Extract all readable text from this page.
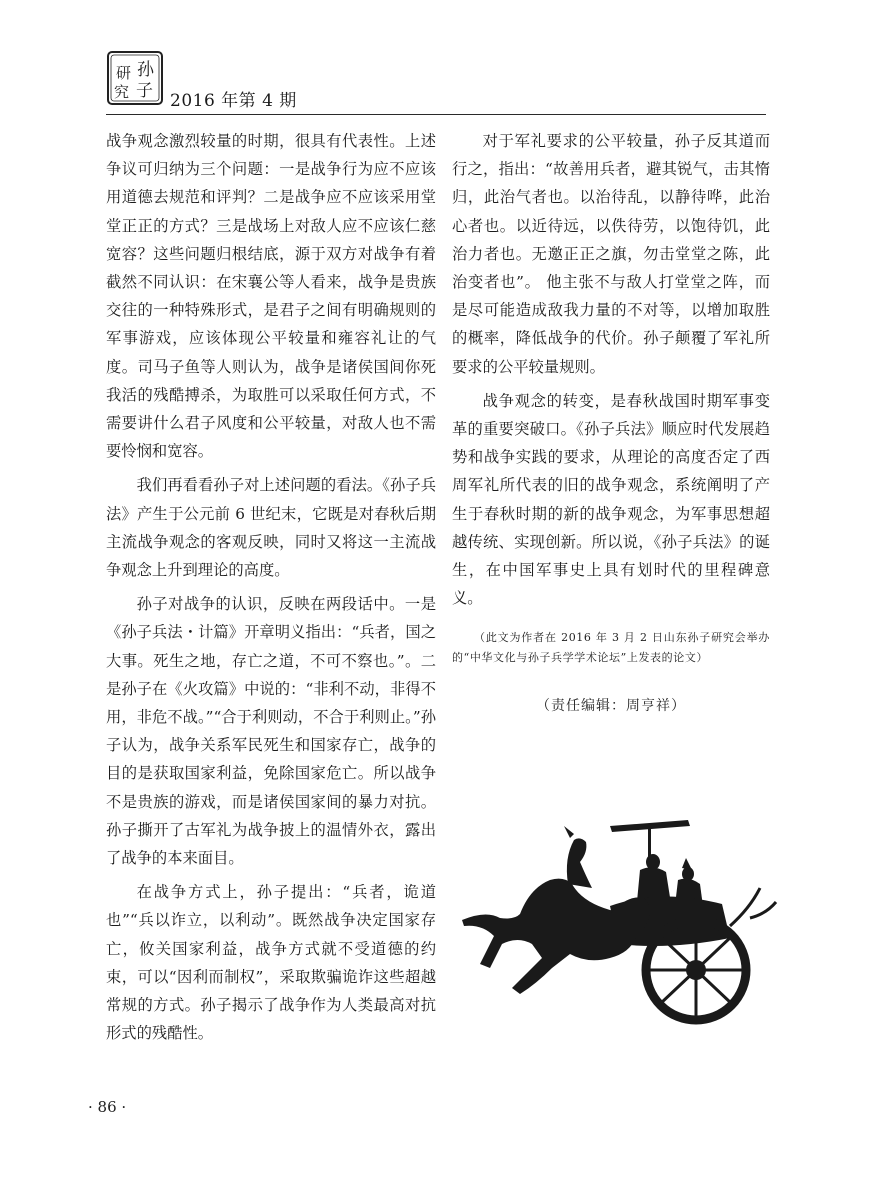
孙
研
究 子 2016 年第 4 期

战争观念激烈较量的时期，很具有代表性。上述争议可归纳为三个问题：一是战争行为应不应该用道德去规范和评判？二是战争应不应该采用堂堂正正的方式？三是战场上对敌人应不应该仁慈宽容？这些问题归根结底，源于双方对战争有着截然不同认识：在宋襄公等人看来，战争是贵族交往的一种特殊形式，是君子之间有明确规则的军事游戏，应该体现公平较量和雍容礼让的气度。司马子鱼等人则认为，战争是诸侯国间你死我活的残酷搏杀，为取胜可以采取任何方式，不需要讲什么君子风度和公平较量，对敌人也不需要怜悯和宽容。

我们再看看孙子对上述问题的看法。《孙子兵法》产生于公元前 6 世纪末，它既是对春秋后期主流战争观念的客观反映，同时又将这一主流战争观念上升到理论的高度。

孙子对战争的认识，反映在两段话中。一是《孙子兵法・计篇》开章明义指出：“兵者，国之大事。死生之地，存亡之道，不可不察也。”。二是孙子在《火攻篇》中说的：“非利不动，非得不用，非危不战。”“合于利则动，不合于利则止。”孙子认为，战争关系军民死生和国家存亡，战争的目的是获取国家利益，免除国家危亡。所以战争不是贵族的游戏，而是诸侯国家间的暴力对抗。孙子撕开了古军礼为战争披上的温情外衣，露出了战争的本来面目。

在战争方式上，孙子提出：“兵者，诡道也”“兵以诈立，以利动”。既然战争决定国家存亡，攸关国家利益，战争方式就不受道德的约束，可以“因利而制权”，采取欺骗诡诈这些超越常规的方式。孙子揭示了战争作为人类最高对抗形式的残酷性。

对于军礼要求的公平较量，孙子反其道而行之，指出：“故善用兵者，避其锐气，击其惰归，此治气者也。以治待乱，以静待哗，此治心者也。以近待远，以佚待劳，以饱待饥，此治力者也。无邀正正之旗，勿击堂堂之陈，此治变者也”。 他主张不与敌人打堂堂之阵，而是尽可能造成敌我力量的不对等，以增加取胜的概率，降低战争的代价。孙子颠覆了军礼所要求的公平较量规则。

战争观念的转变，是春秋战国时期军事变革的重要突破口。《孙子兵法》顺应时代发展趋势和战争实践的要求，从理论的高度否定了西周军礼所代表的旧的战争观念，系统阐明了产生于春秋时期的新的战争观念，为军事思想超越传统、实现创新。所以说，《孙子兵法》的诞生，在中国军事史上具有划时代的里程碑意义。

（此文为作者在 2016 年 3 月 2 日山东孙子研究会举办的“中华文化与孙子兵学学术论坛”上发表的论文）
（责任编辑：周亨祥）
· 86 ·
